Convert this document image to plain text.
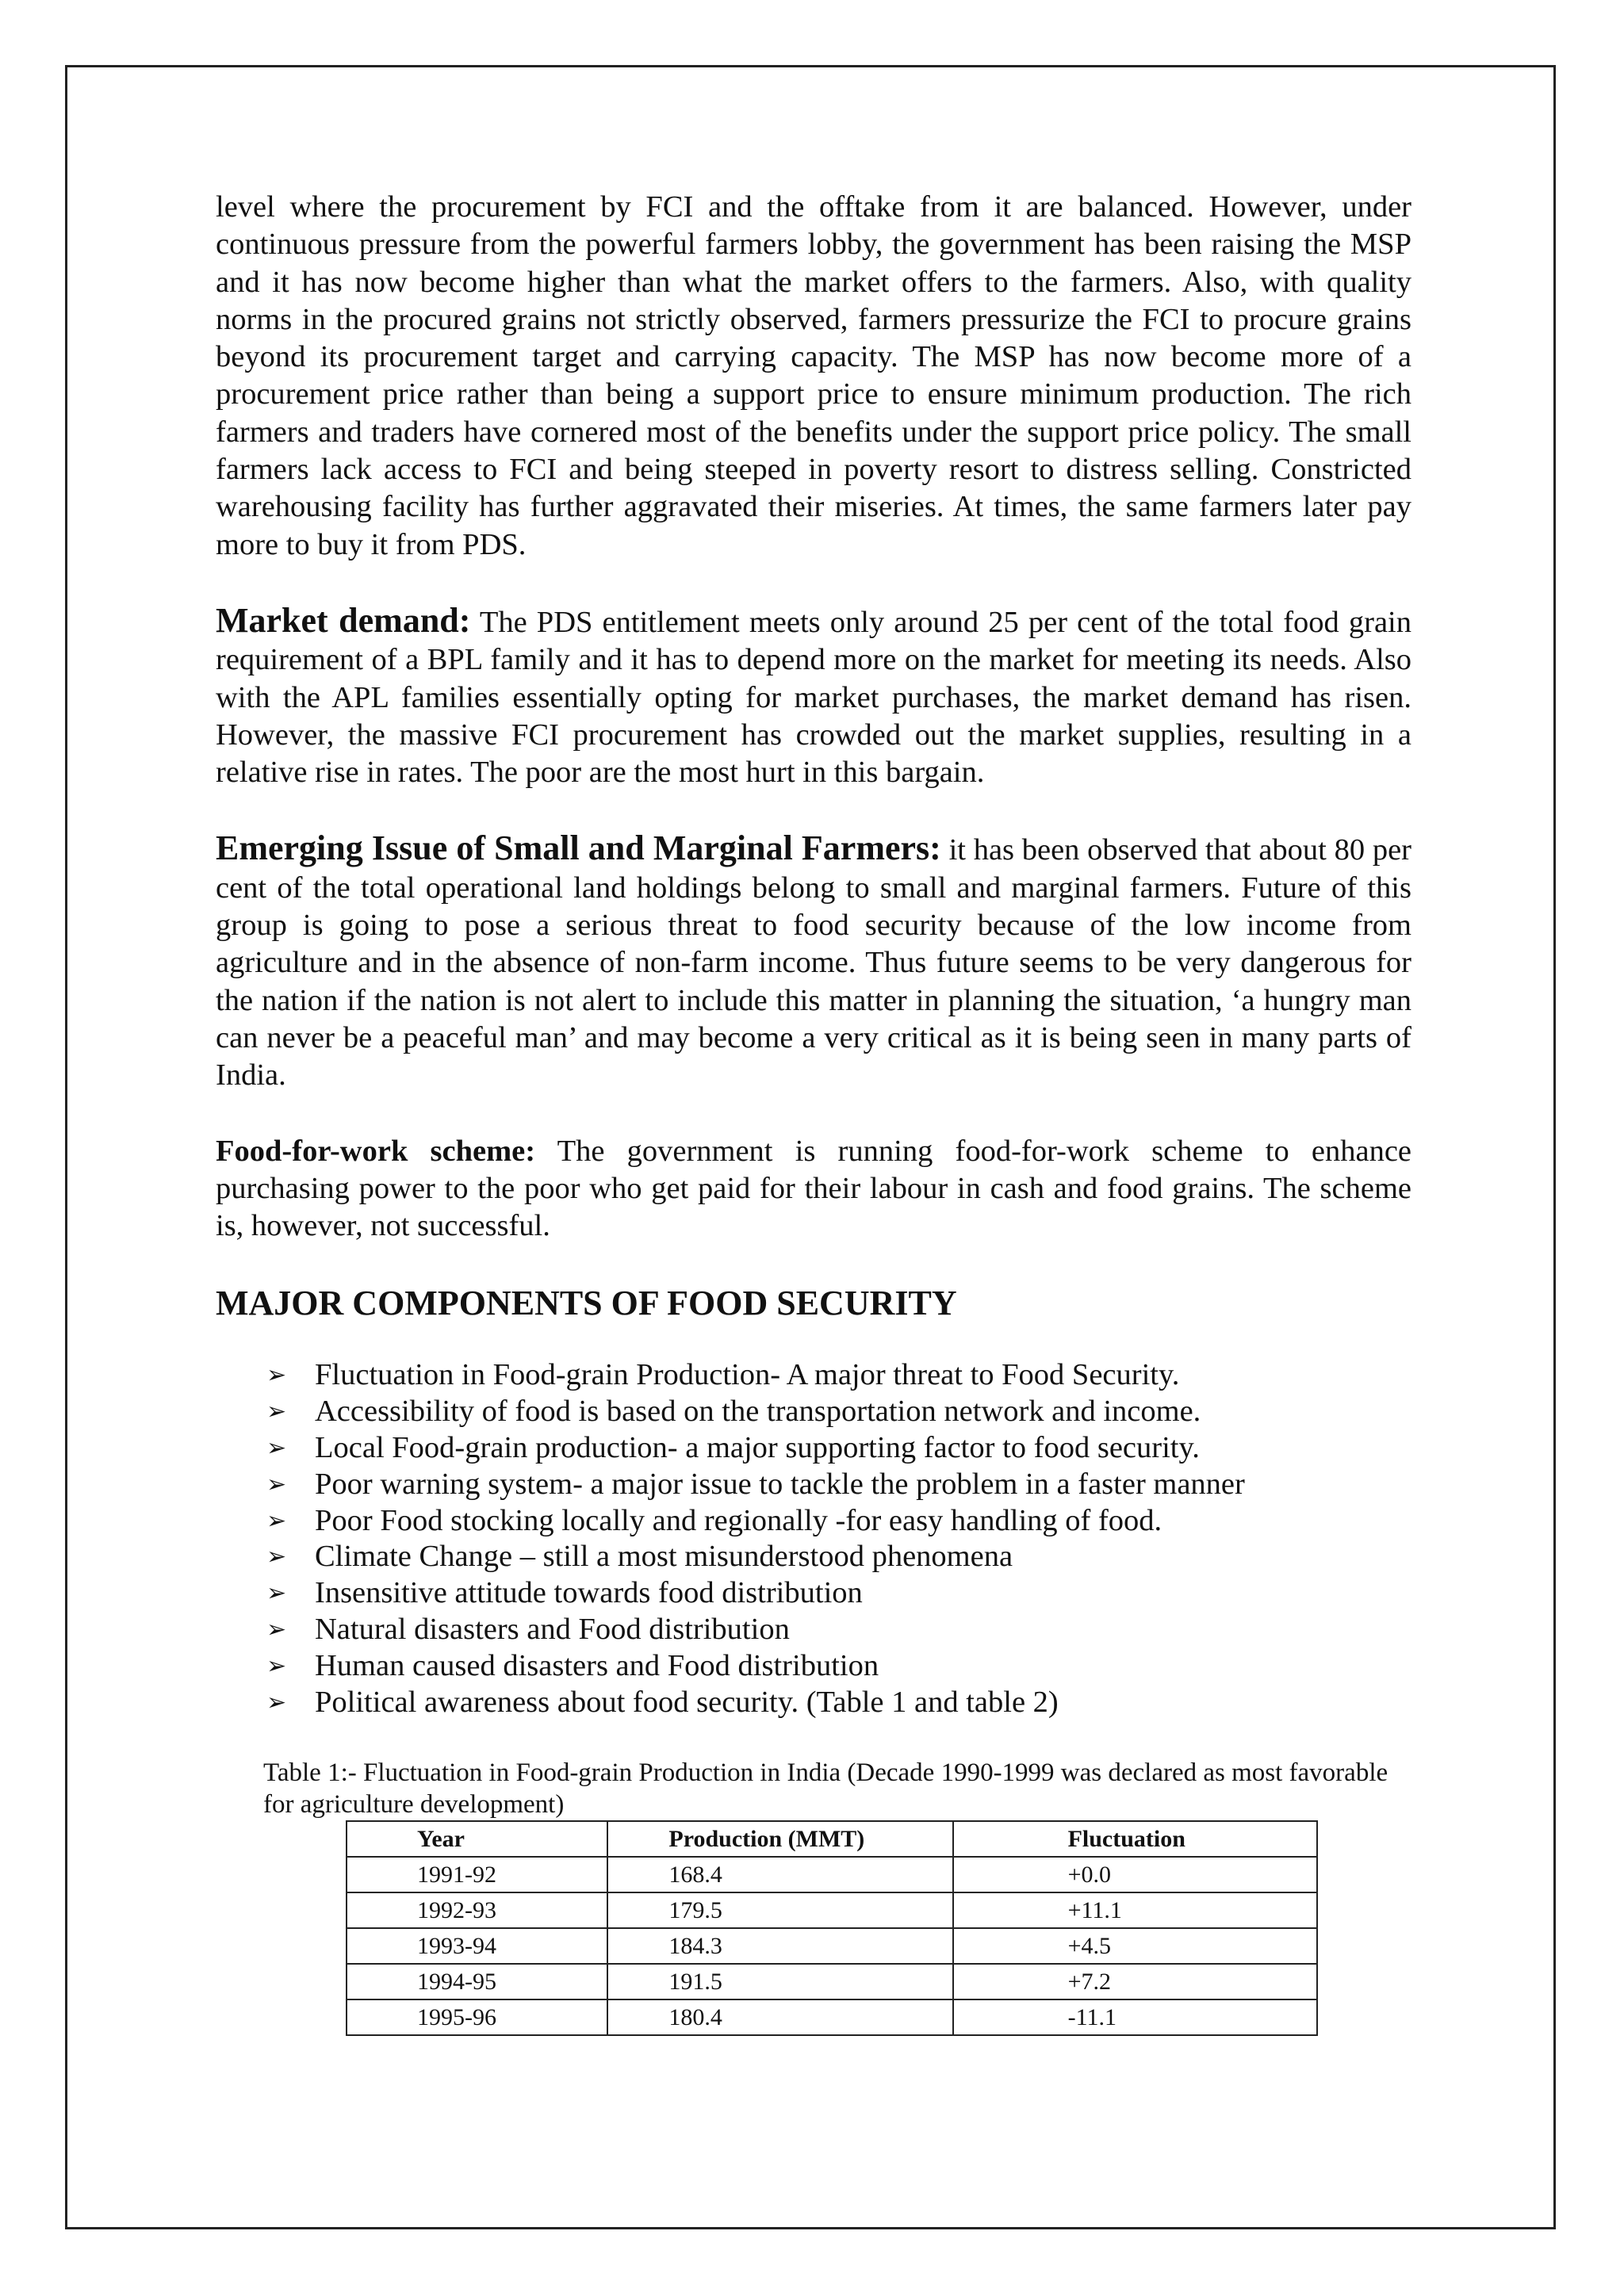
level where the procurement by FCI and the offtake from it are balanced. However, under continuous pressure from the powerful farmers lobby, the government has been raising the MSP and it has now become higher than what the market offers to the farmers. Also, with quality norms in the procured grains not strictly observed, farmers pressurize the FCI to procure grains beyond its procurement target and carrying capacity. The MSP has now become more of a procurement price rather than being a support price to ensure minimum production. The rich farmers and traders have cornered most of the benefits under the support price policy. The small farmers lack access to FCI and being steeped in poverty resort to distress selling. Constricted warehousing facility has further aggravated their miseries. At times, the same farmers later pay more to buy it from PDS.

Market demand: The PDS entitlement meets only around 25 per cent of the total food grain requirement of a BPL family and it has to depend more on the market for meeting its needs. Also with the APL families essentially opting for market purchases, the market demand has risen. However, the massive FCI procurement has crowded out the market supplies, resulting in a relative rise in rates. The poor are the most hurt in this bargain.

Emerging Issue of Small and Marginal Farmers: it has been observed that about 80 per cent of the total operational land holdings belong to small and marginal farmers. Future of this group is going to pose a serious threat to food security because of the low income from agriculture and in the absence of non-farm income. Thus future seems to be very dangerous for the nation if the nation is not alert to include this matter in planning the situation, ‘a hungry man can never be a peaceful man’ and may become a very critical as it is being seen in many parts of India.

Food-for-work scheme: The government is running food-for-work scheme to enhance purchasing power to the poor who get paid for their labour in cash and food grains. The scheme is, however, not successful.

MAJOR COMPONENTS OF FOOD SECURITY
➢ Fluctuation in Food-grain Production- A major threat to Food Security.
➢ Accessibility of food is based on the transportation network and income.
➢ Local Food-grain production- a major supporting factor to food security.
➢ Poor warning system- a major issue to tackle the problem in a faster manner
➢ Poor Food stocking locally and regionally -for easy handling of food.
➢ Climate Change – still a most misunderstood phenomena
➢ Insensitive attitude towards food distribution
➢ Natural disasters and Food distribution
➢ Human caused disasters and Food distribution
➢ Political awareness about food security. (Table 1 and table 2)
Table 1:- Fluctuation in Food-grain Production in India (Decade 1990-1999 was declared as most favorable for agriculture development)
Year	Production (MMT)	Fluctuation
1991-92	168.4	+0.0
1992-93	179.5	+11.1
1993-94	184.3	+4.5
1994-95	191.5	+7.2
1995-96	180.4	-11.1
